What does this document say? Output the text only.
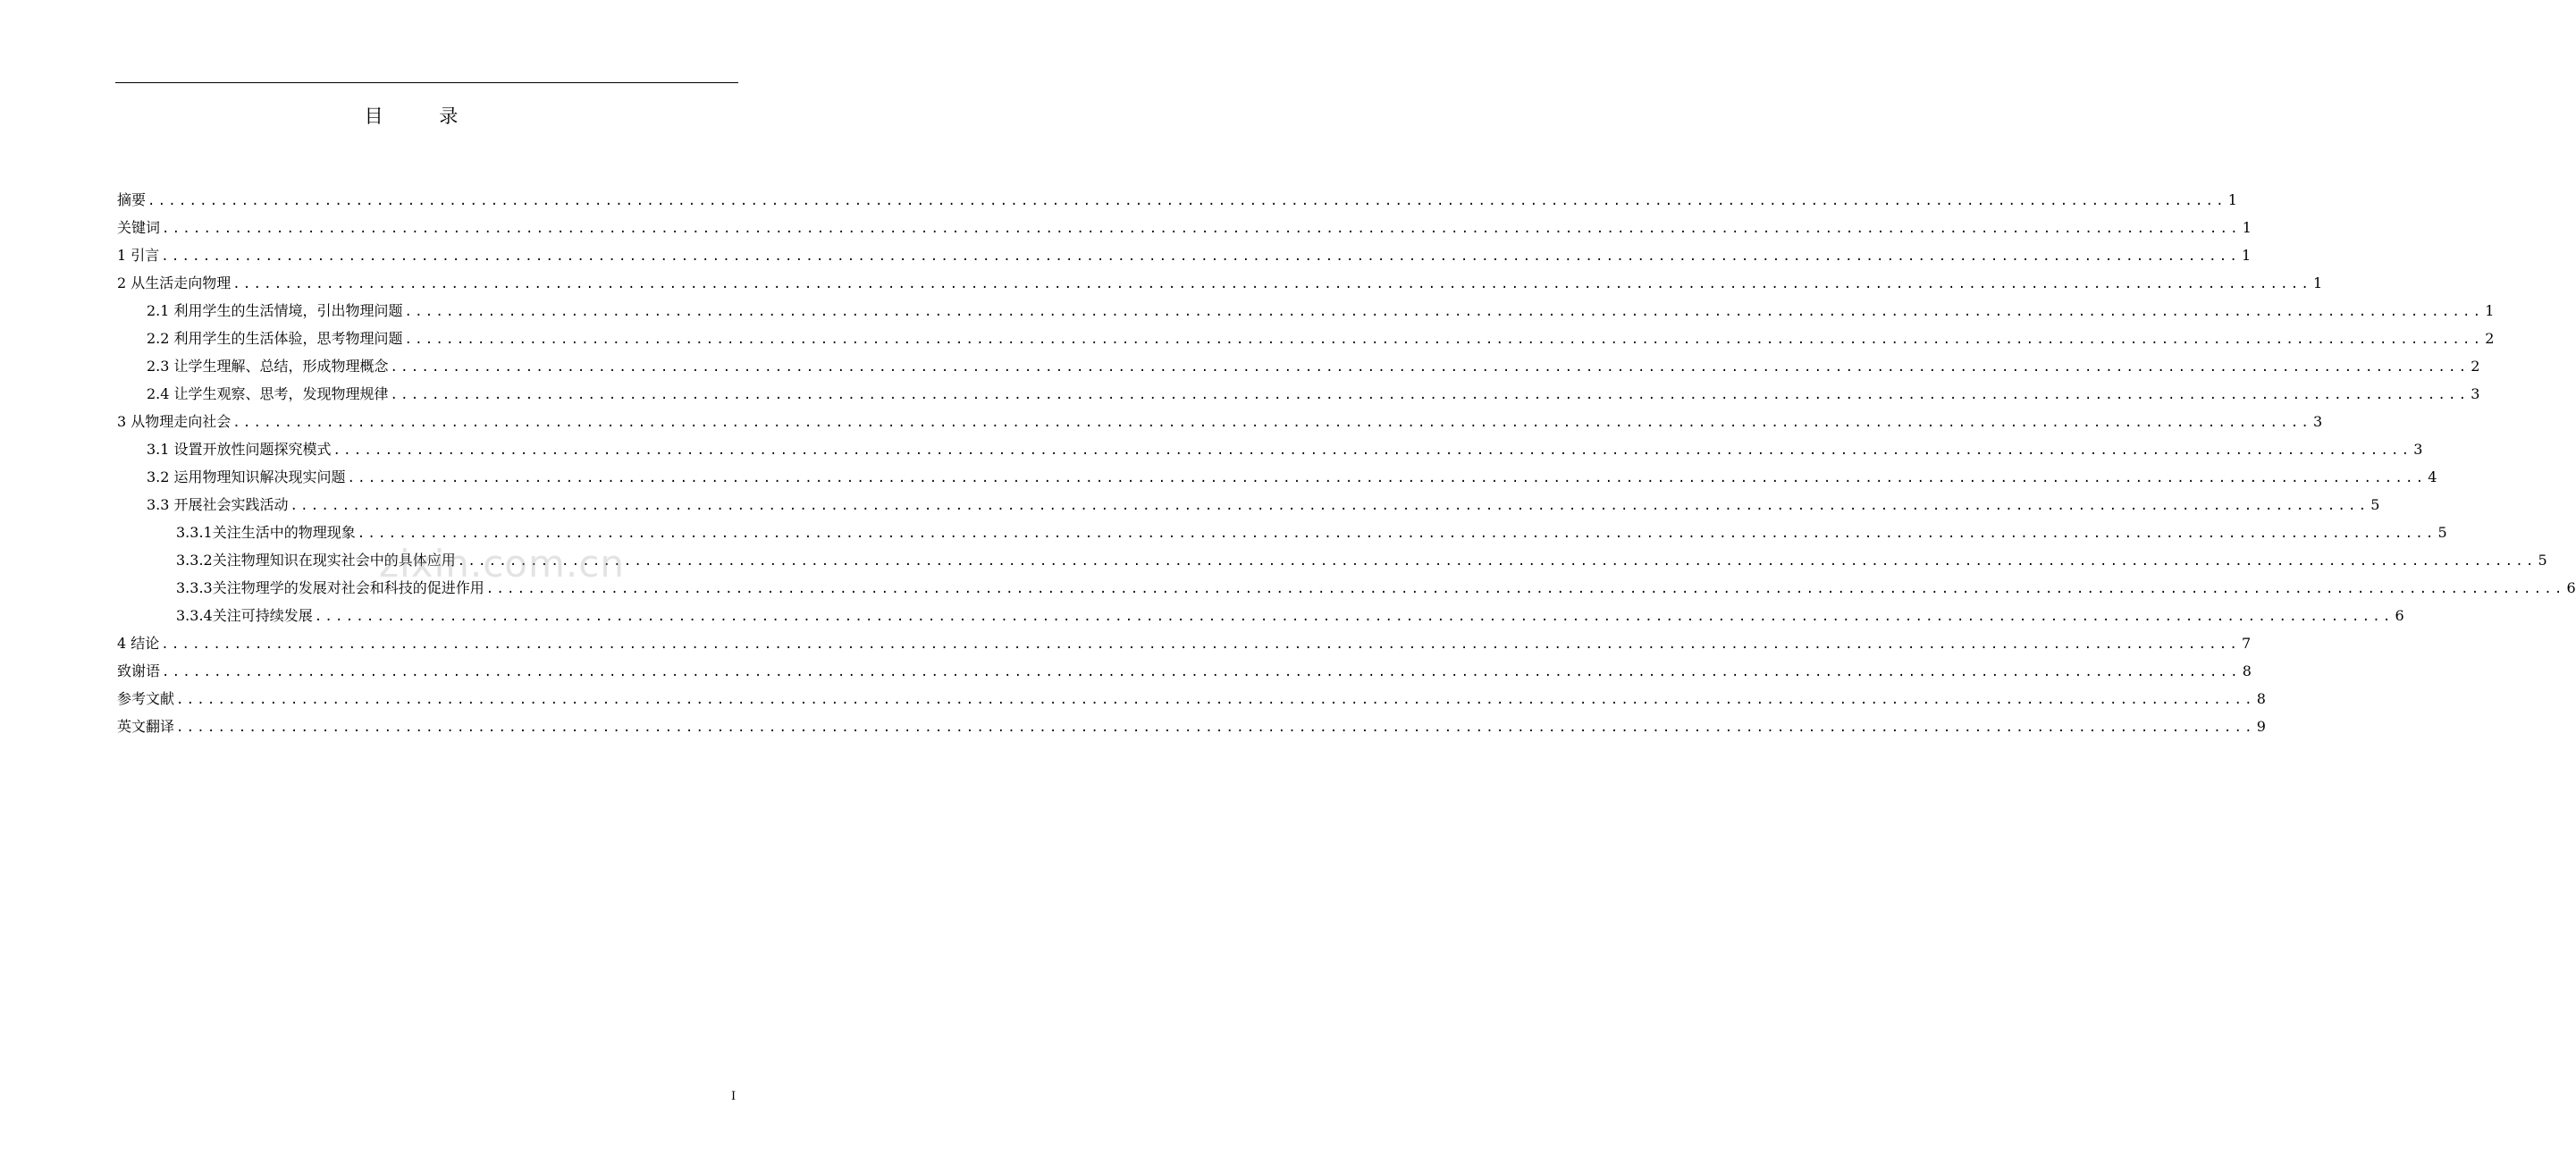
目 录
摘要 ........................................................................................................................................................................................................ 1
关键词 ........................................................................................................................................................................................................ 1
1 引言 ........................................................................................................................................................................................................ 1
2 从生活走向物理 ........................................................................................................................................................................................................ 1
2.1 利用学生的生活情境，引出物理问题 ........................................................................................................................................................................................................ 1
2.2 利用学生的生活体验，思考物理问题 ........................................................................................................................................................................................................ 2
2.3 让学生理解、总结，形成物理概念 ........................................................................................................................................................................................................ 2
2.4 让学生观察、思考，发现物理规律 ........................................................................................................................................................................................................ 3
3 从物理走向社会 ........................................................................................................................................................................................................ 3
3.1 设置开放性问题探究模式 ........................................................................................................................................................................................................ 3
3.2 运用物理知识解决现实问题 ........................................................................................................................................................................................................ 4
3.3 开展社会实践活动 ........................................................................................................................................................................................................ 5
3.3.1关注生活中的物理现象 ........................................................................................................................................................................................................ 5
3.3.2关注物理知识在现实社会中的具体应用 ........................................................................................................................................................................................................ 5
3.3.3关注物理学的发展对社会和科技的促进作用 ........................................................................................................................................................................................................ 6
3.3.4关注可持续发展 ........................................................................................................................................................................................................ 6
4 结论 ........................................................................................................................................................................................................ 7
致谢语 ........................................................................................................................................................................................................ 8
参考文献 ........................................................................................................................................................................................................ 8
英文翻译 ........................................................................................................................................................................................................ 9
zixin.com.cn
I
